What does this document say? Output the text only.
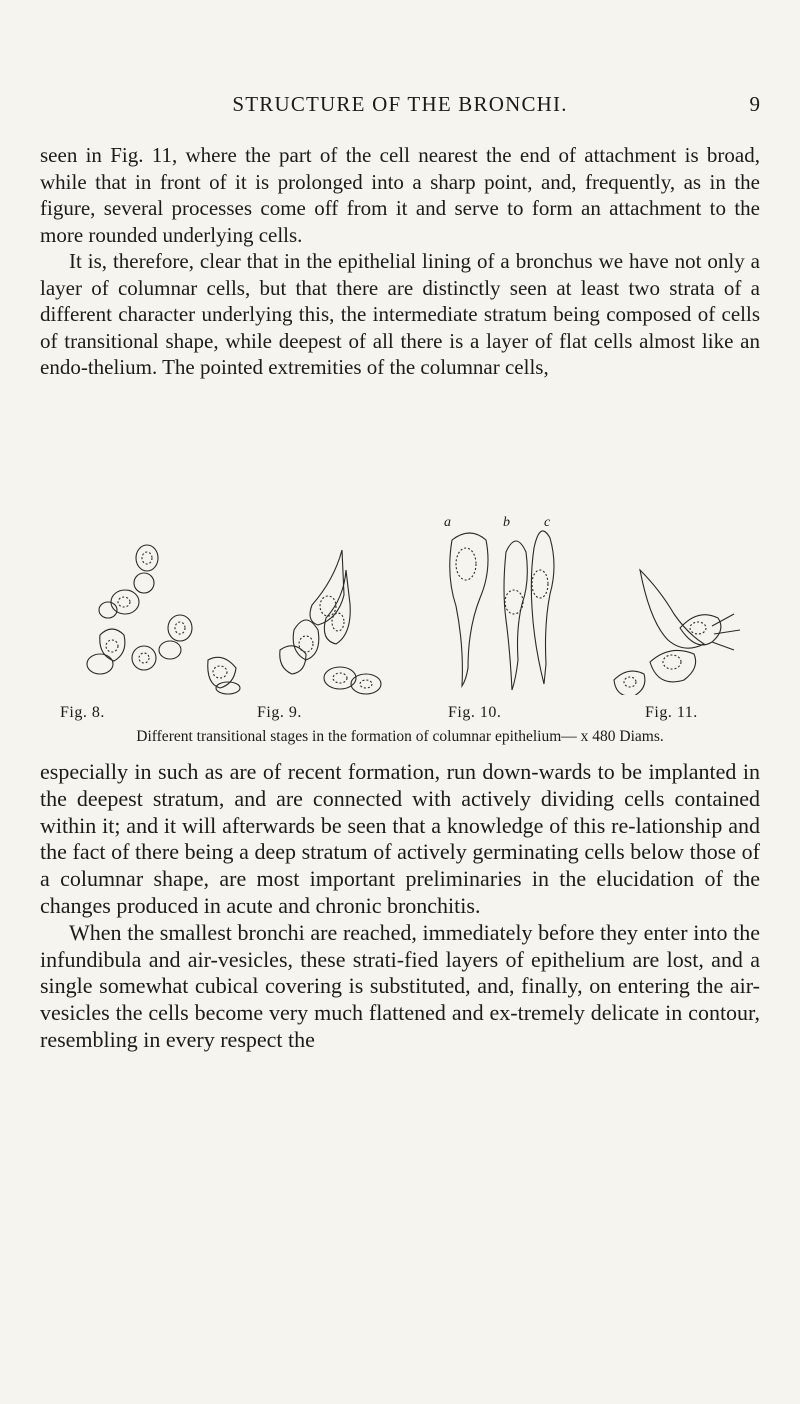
STRUCTURE OF THE BRONCHI.	9

seen in Fig. 11, where the part of the cell nearest the end of attachment is broad, while that in front of it is prolonged into a sharp point, and, frequently, as in the figure, several processes come off from it and serve to form an attachment to the more rounded underlying cells.

It is, therefore, clear that in the epithelial lining of a bronchus we have not only a layer of columnar cells, but that there are distinctly seen at least two strata of a different character underlying this, the intermediate stratum being composed of cells of transitional shape, while deepest of all there is a layer of flat cells almost like an endo-thelium. The pointed extremities of the columnar cells,

a	b c
Fig. 8.	Fig. 9.	Fig. 10.	Fig. 11.
Different transitional stages in the formation of columnar epithelium— x 480 Diams.

especially in such as are of recent formation, run down-wards to be implanted in the deepest stratum, and are connected with actively dividing cells contained within it; and it will afterwards be seen that a knowledge of this re-lationship and the fact of there being a deep stratum of actively germinating cells below those of a columnar shape, are most important preliminaries in the elucidation of the changes produced in acute and chronic bronchitis.

When the smallest bronchi are reached, immediately before they enter into the infundibula and air-vesicles, these strati-fied layers of epithelium are lost, and a single somewhat cubical covering is substituted, and, finally, on entering the air-vesicles the cells become very much flattened and ex-tremely delicate in contour, resembling in every respect the
